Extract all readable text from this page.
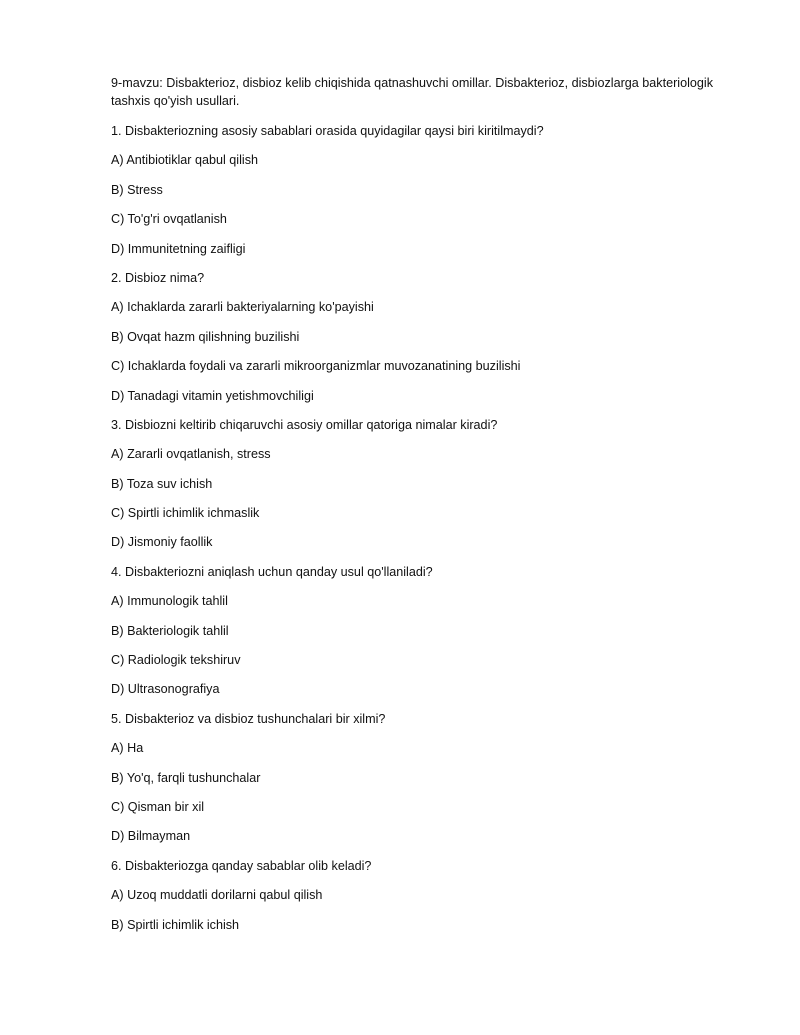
9-mavzu: Disbakterioz, disbioz kelib chiqishida qatnashuvchi omillar. Disbakterioz, disbiozlarga bakteriologik tashxis qo'yish usullari.

1. Disbakteriozning asosiy sabablari orasida quyidagilar qaysi biri kiritilmaydi?
A) Antibiotiklar qabul qilish
B) Stress
C) To'g'ri ovqatlanish
D) Immunitetning zaifligi
2. Disbioz nima?
A) Ichaklarda zararli bakteriyalarning ko'payishi
B) Ovqat hazm qilishning buzilishi
C) Ichaklarda foydali va zararli mikroorganizmlar muvozanatining buzilishi
D) Tanadagi vitamin yetishmovchiligi
3. Disbiozni keltirib chiqaruvchi asosiy omillar qatoriga nimalar kiradi?
A) Zararli ovqatlanish, stress
B) Toza suv ichish
C) Spirtli ichimlik ichmaslik
D) Jismoniy faollik
4. Disbakteriozni aniqlash uchun qanday usul qo'llaniladi?
A) Immunologik tahlil
B) Bakteriologik tahlil
C) Radiologik tekshiruv
D) Ultrasonografiya
5. Disbakterioz va disbioz tushunchalari bir xilmi?
A) Ha
B) Yo'q, farqli tushunchalar
C) Qisman bir xil
D) Bilmayman
6. Disbakteriozga qanday sabablar olib keladi?
A) Uzoq muddatli dorilarni qabul qilish
B) Spirtli ichimlik ichish
